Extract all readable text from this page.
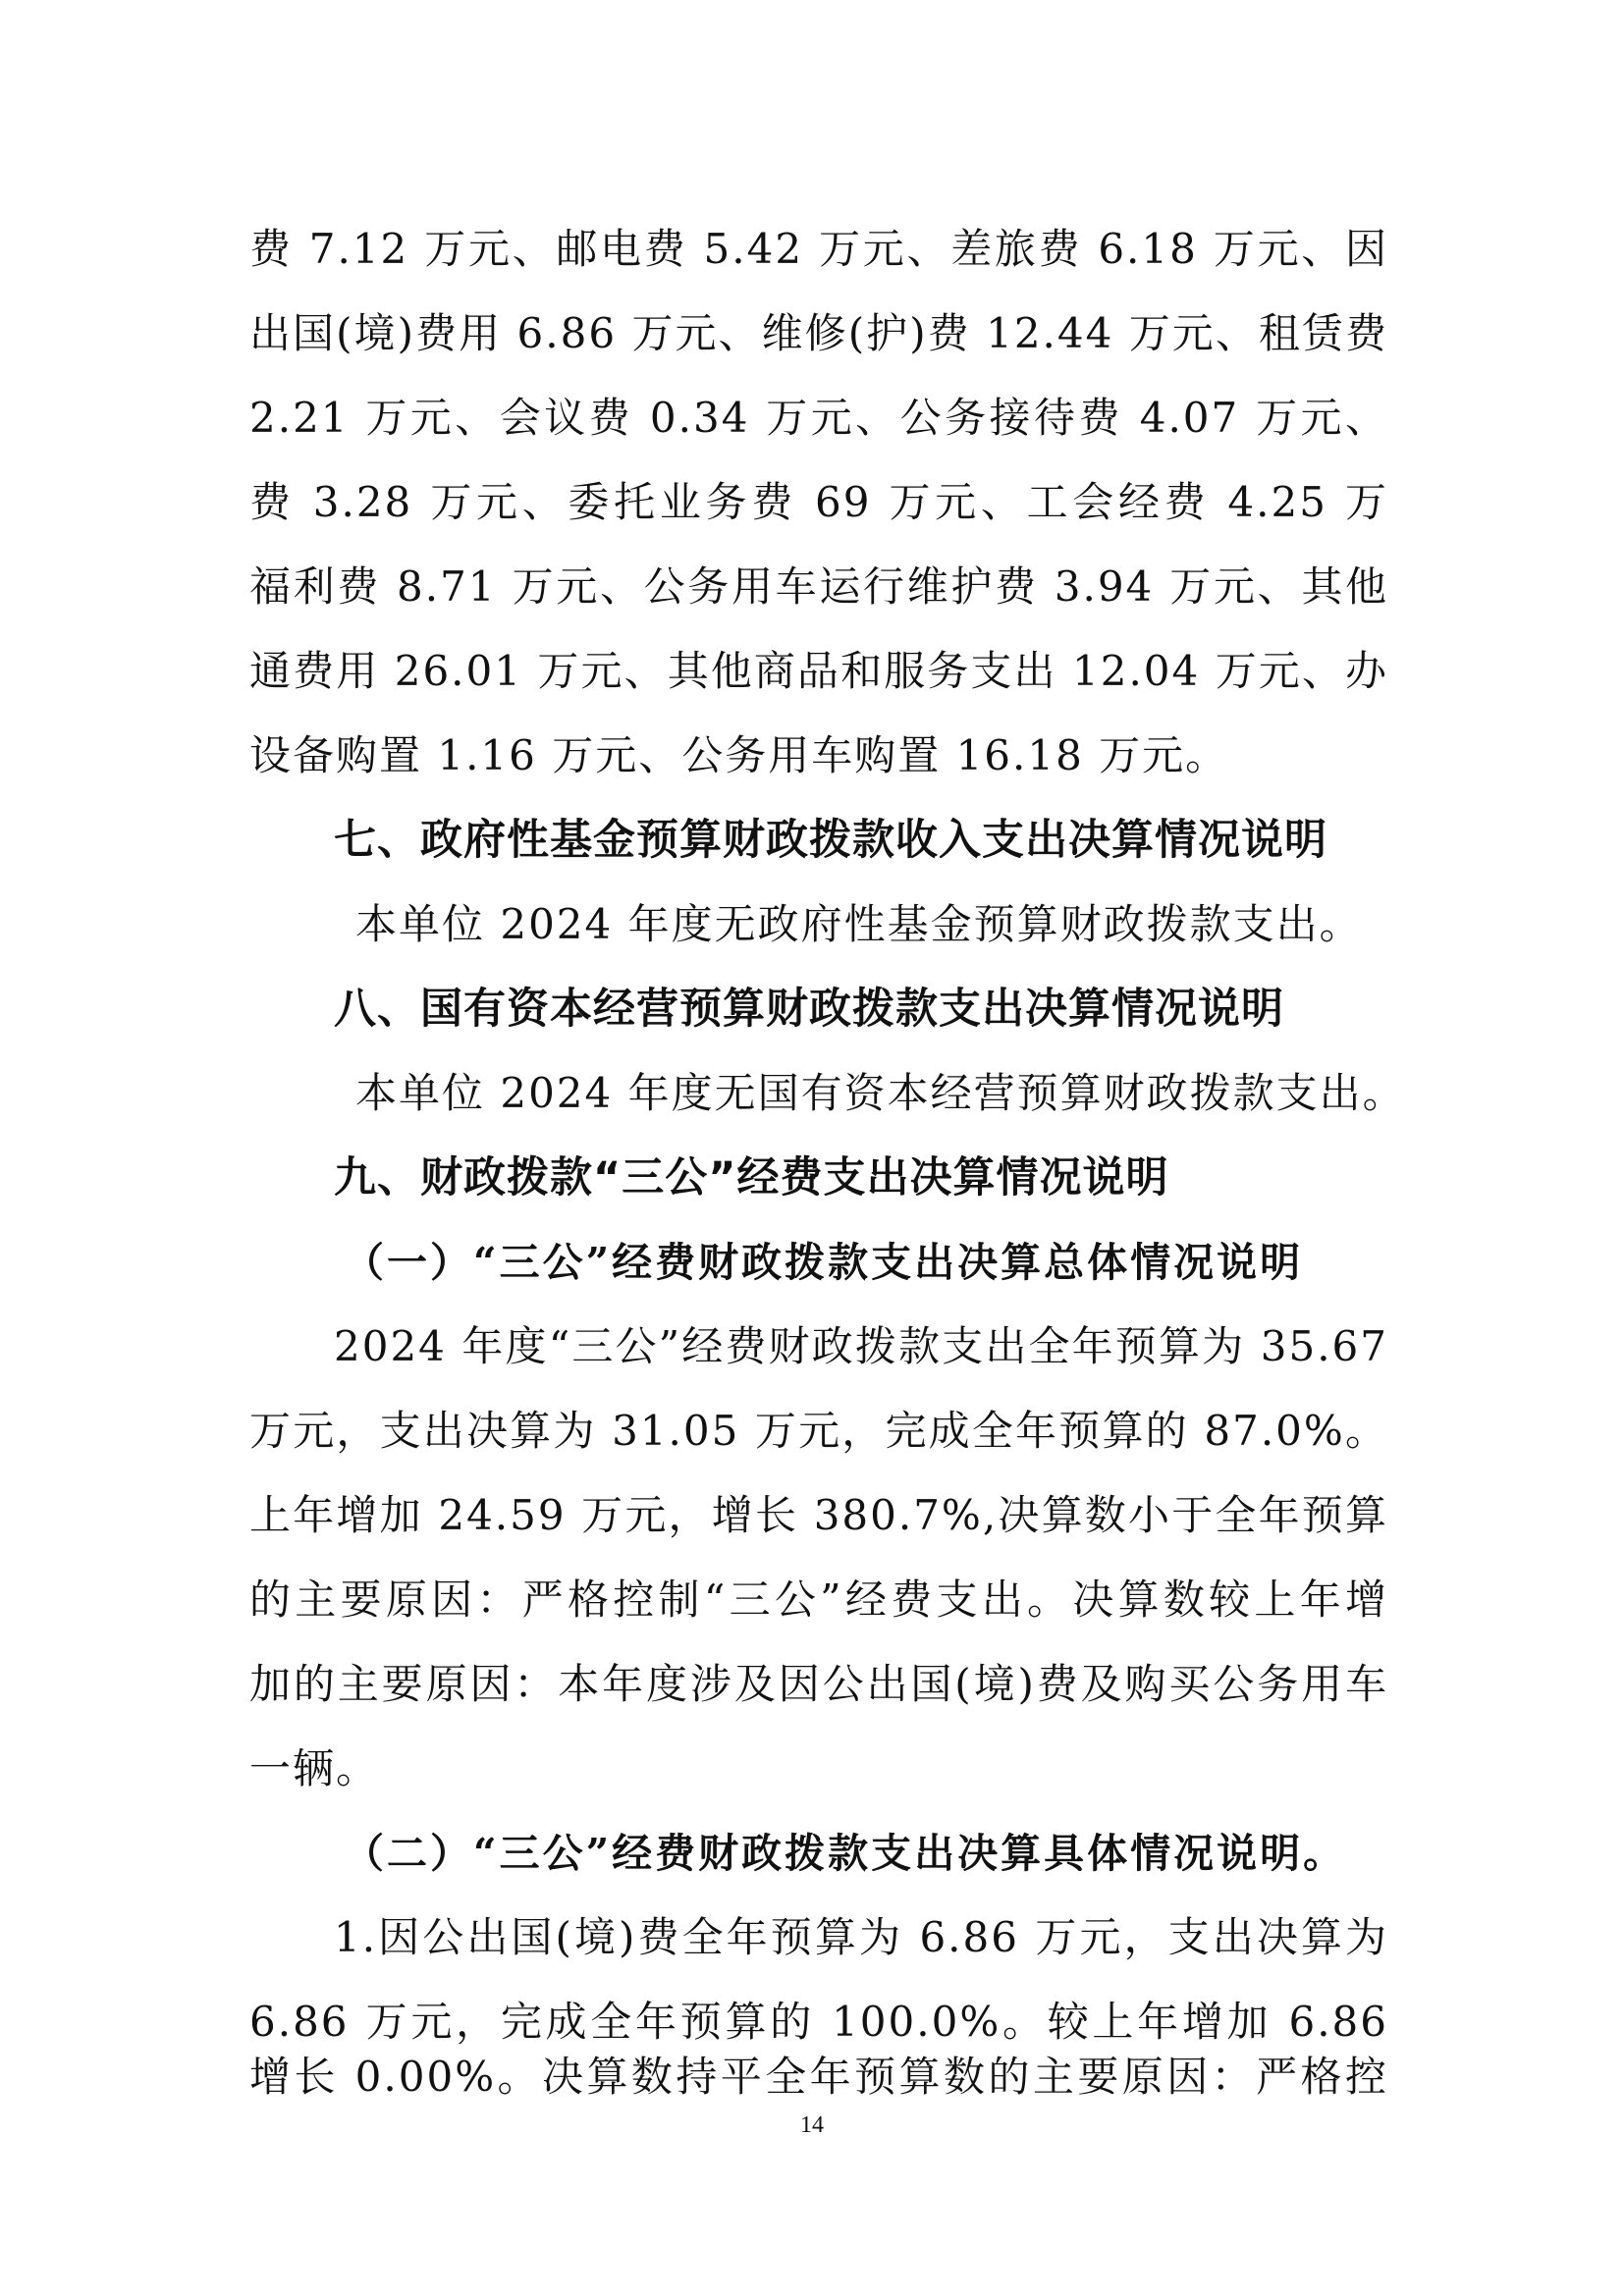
费 7.12 万元、邮电费 5.42 万元、差旅费 6.18 万元、因
出国(境)费用 6.86 万元、维修(护)费 12.44 万元、租赁费
2.21 万元、会议费 0.34 万元、公务接待费 4.07 万元、
费 3.28 万元、委托业务费 69 万元、工会经费 4.25 万
福利费 8.71 万元、公务用车运行维护费 3.94 万元、其他
通费用 26.01 万元、其他商品和服务支出 12.04 万元、办
设备购置 1.16 万元、公务用车购置 16.18 万元。
七、政府性基金预算财政拨款收入支出决算情况说明
本单位 2024 年度无政府性基金预算财政拨款支出。
八、国有资本经营预算财政拨款支出决算情况说明
本单位 2024 年度无国有资本经营预算财政拨款支出。
九、财政拨款“三公”经费支出决算情况说明
（一）“三公”经费财政拨款支出决算总体情况说明
2024 年度“三公”经费财政拨款支出全年预算为 35.67
万元，支出决算为 31.05 万元，完成全年预算的 87.0%。
上年增加 24.59 万元，增长 380.7%,决算数小于全年预算
的主要原因：严格控制“三公”经费支出。决算数较上年增
加的主要原因：本年度涉及因公出国(境)费及购买公务用车
一辆。
（二）“三公”经费财政拨款支出决算具体情况说明。
1.因公出国(境)费全年预算为 6.86 万元，支出决算为
6.86 万元，完成全年预算的 100.0%。较上年增加 6.86
增长 0.00%。决算数持平全年预算数的主要原因：严格控
14
